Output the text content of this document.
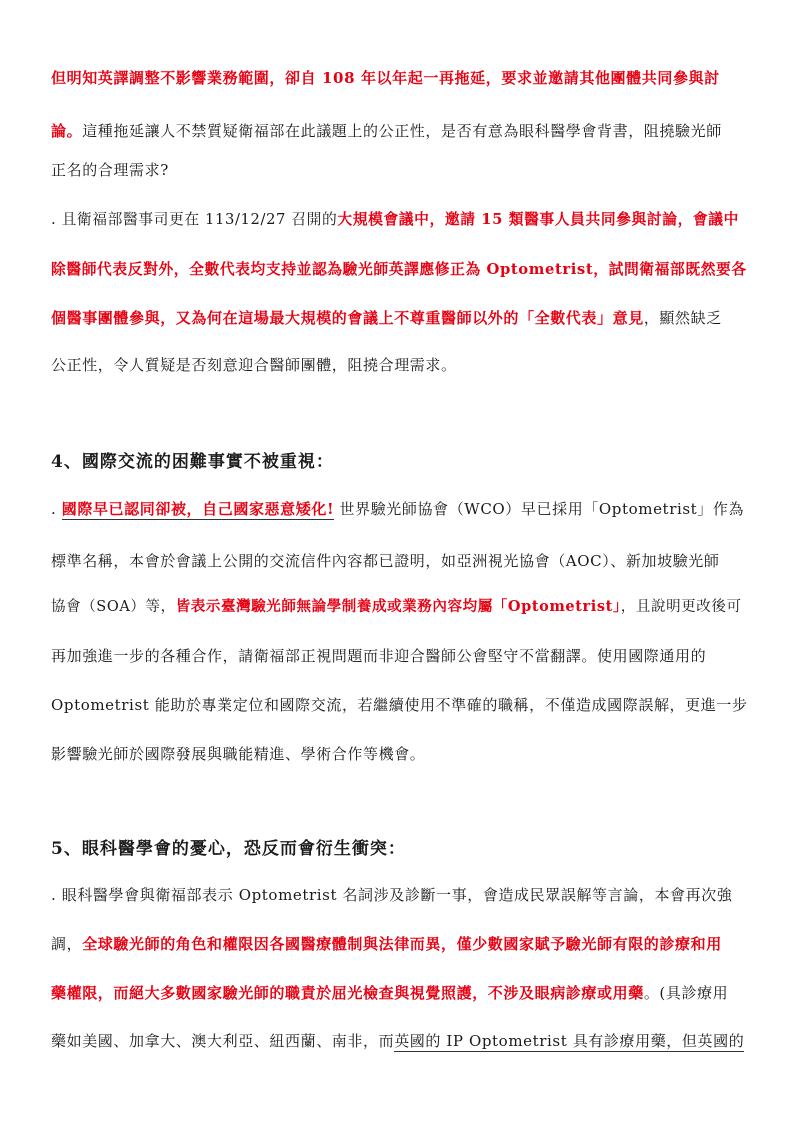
但明知英譯調整不影響業務範圍，卻自 108 年以年起一再拖延，要求並邀請其他團體共同參與討
論。這種拖延讓人不禁質疑衛福部在此議題上的公正性，是否有意為眼科醫學會背書，阻撓驗光師
正名的合理需求?
. 且衛福部醫事司更在 113/12/27 召開的大規模會議中，邀請 15 類醫事人員共同參與討論，會議中
除醫師代表反對外，全數代表均支持並認為驗光師英譯應修正為 Optometrist，試問衛福部既然要各
個醫事團體參與，又為何在這場最大規模的會議上不尊重醫師以外的「全數代表」意見，顯然缺乏
公正性，令人質疑是否刻意迎合醫師團體，阻撓合理需求。
4、國際交流的困難事實不被重視：
. 國際早已認同卻被，自己國家惡意矮化! 世界驗光師協會（WCO）早已採用「Optometrist」作為
標準名稱，本會於會議上公開的交流信件內容都已證明，如亞洲視光協會（AOC）、新加坡驗光師
協會（SOA）等，皆表示臺灣驗光師無論學制養成或業務內容均屬「Optometrist」，且說明更改後可
再加強進一步的各種合作，請衛福部正視問題而非迎合醫師公會堅守不當翻譯。使用國際通用的
Optometrist 能助於專業定位和國際交流，若繼續使用不準確的職稱，不僅造成國際誤解，更進一步
影響驗光師於國際發展與職能精進、學術合作等機會。
5、眼科醫學會的憂心，恐反而會衍生衝突：
. 眼科醫學會與衛福部表示 Optometrist 名詞涉及診斷一事，會造成民眾誤解等言論，本會再次強
調，全球驗光師的角色和權限因各國醫療體制與法律而異，僅少數國家賦予驗光師有限的診療和用
藥權限，而絕大多數國家驗光師的職責於屈光檢查與視覺照護，不涉及眼病診療或用藥。(具診療用
藥如美國、加拿大、澳大利亞、紐西蘭、南非，而英國的 IP Optometrist 具有診療用藥，但英國的
